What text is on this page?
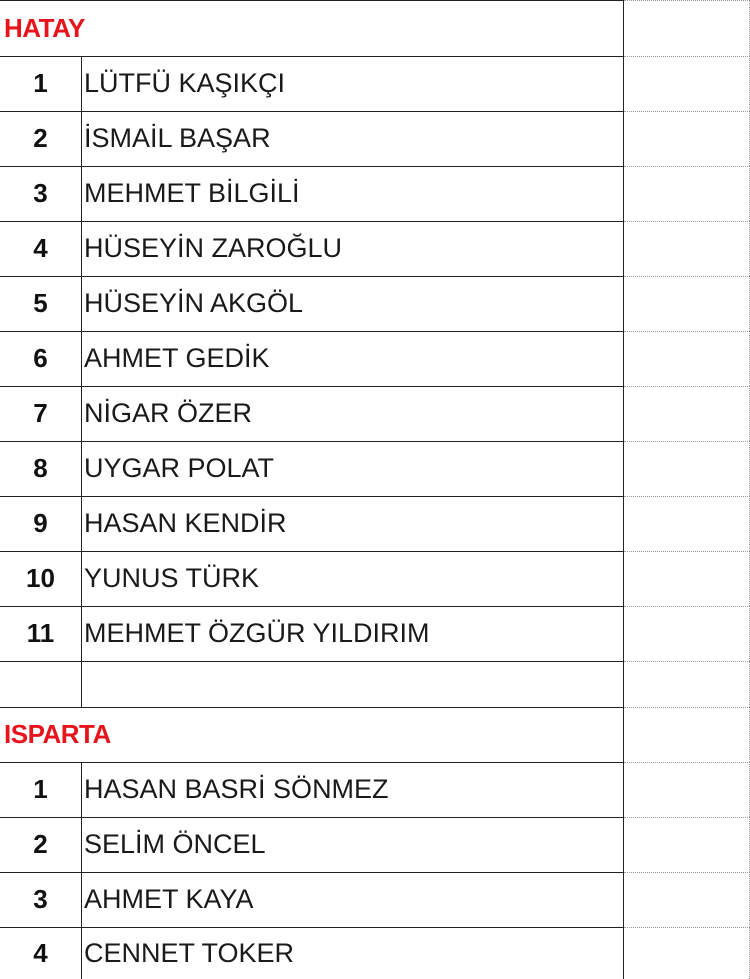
HATAY
1	LÜTFÜ KAŞIKÇI
2	İSMAİL BAŞAR
3	MEHMET BİLGİLİ
4	HÜSEYİN ZAROĞLU
5	HÜSEYİN AKGÖL
6	AHMET GEDİK
7	NİGAR ÖZER
8	UYGAR POLAT
9	HASAN KENDİR
10	YUNUS TÜRK
11	MEHMET ÖZGÜR YILDIRIM
ISPARTA
1	HASAN BASRİ SÖNMEZ
2	SELİM ÖNCEL
3	AHMET KAYA
4	CENNET TOKER
